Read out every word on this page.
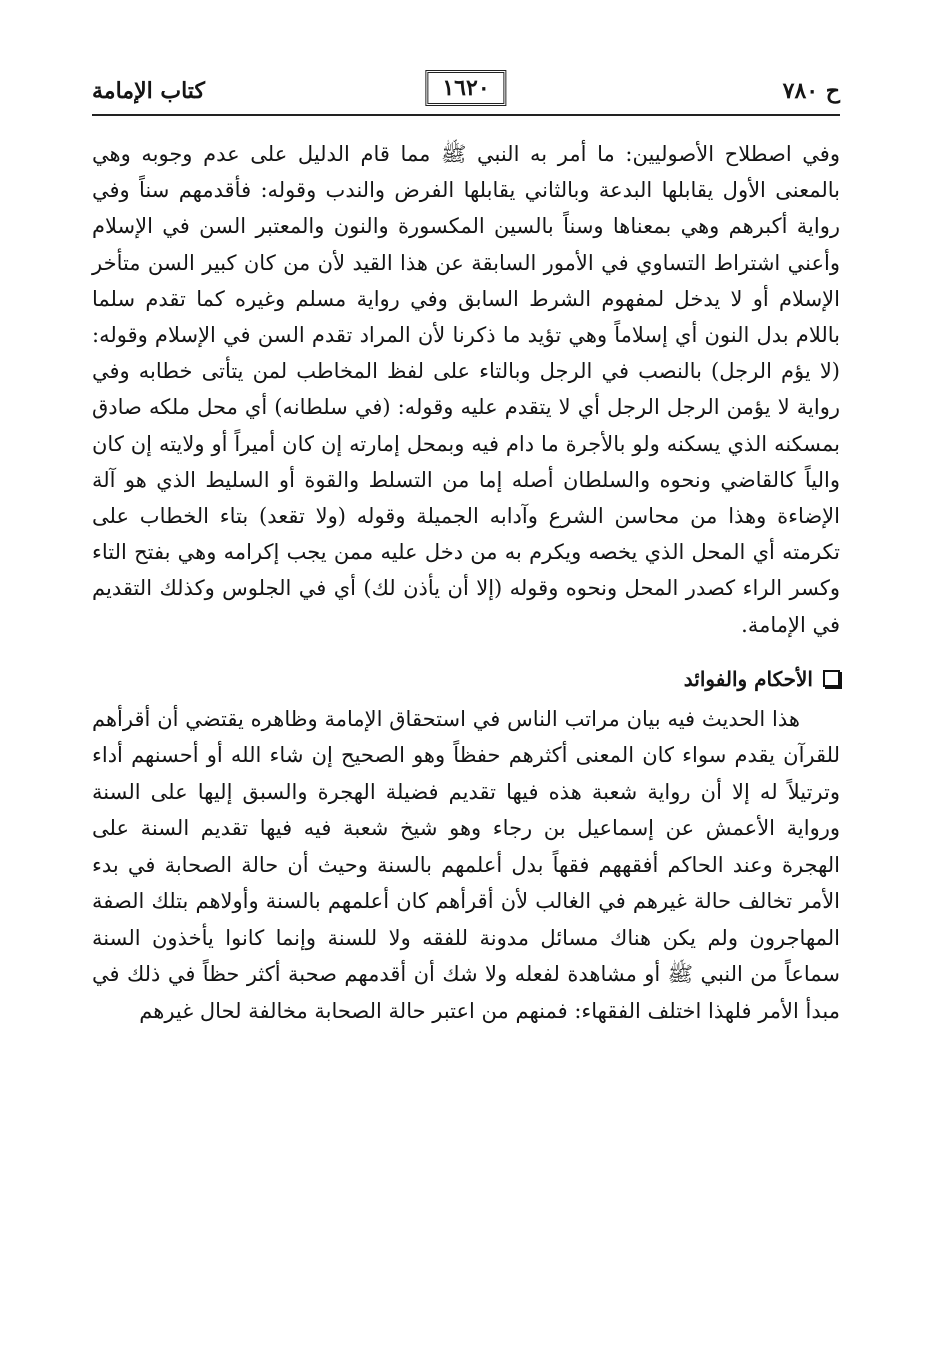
ح ٧٨٠
١٦٢٠
كتاب الإمامة

وفي اصطلاح الأصوليين: ما أمر به النبي ﷺ مما قام الدليل على عدم وجوبه وهي بالمعنى الأول يقابلها البدعة وبالثاني يقابلها الفرض والندب وقوله: فأقدمهم سناً وفي رواية أكبرهم وهي بمعناها وسناً بالسين المكسورة والنون والمعتبر السن في الإسلام وأعني اشتراط التساوي في الأمور السابقة عن هذا القيد لأن من كان كبير السن متأخر الإسلام أو لا يدخل لمفهوم الشرط السابق وفي رواية مسلم وغيره كما تقدم سلما باللام بدل النون أي إسلاماً وهي تؤيد ما ذكرنا لأن المراد تقدم السن في الإسلام وقوله: (لا يؤم الرجل) بالنصب في الرجل وبالتاء على لفظ المخاطب لمن يتأتى خطابه وفي رواية لا يؤمن الرجل الرجل أي لا يتقدم عليه وقوله: (في سلطانه) أي محل ملكه صادق بمسكنه الذي يسكنه ولو بالأجرة ما دام فيه وبمحل إمارته إن كان أميراً أو ولايته إن كان والياً كالقاضي ونحوه والسلطان أصله إما من التسلط والقوة أو السليط الذي هو آلة الإضاءة وهذا من محاسن الشرع وآدابه الجميلة وقوله (ولا تقعد) بتاء الخطاب على تكرمته أي المحل الذي يخصه ويكرم به من دخل عليه ممن يجب إكرامه وهي بفتح التاء وكسر الراء كصدر المحل ونحوه وقوله (إلا أن يأذن لك) أي في الجلوس وكذلك التقديم في الإمامة.

الأحكام والفوائد

هذا الحديث فيه بيان مراتب الناس في استحقاق الإمامة وظاهره يقتضي أن أقرأهم للقرآن يقدم سواء كان المعنى أكثرهم حفظاً وهو الصحيح إن شاء الله أو أحسنهم أداء وترتيلاً له إلا أن رواية شعبة هذه فيها تقديم فضيلة الهجرة والسبق إليها على السنة ورواية الأعمش عن إسماعيل بن رجاء وهو شيخ شعبة فيه فيها تقديم السنة على الهجرة وعند الحاكم أفقههم فقهاً بدل أعلمهم بالسنة وحيث أن حالة الصحابة في بدء الأمر تخالف حالة غيرهم في الغالب لأن أقرأهم كان أعلمهم بالسنة وأولاهم بتلك الصفة المهاجرون ولم يكن هناك مسائل مدونة للفقه ولا للسنة وإنما كانوا يأخذون السنة سماعاً من النبي ﷺ أو مشاهدة لفعله ولا شك أن أقدمهم صحبة أكثر حظاً في ذلك في مبدأ الأمر فلهذا اختلف الفقهاء: فمنهم من اعتبر حالة الصحابة مخالفة لحال غيرهم
